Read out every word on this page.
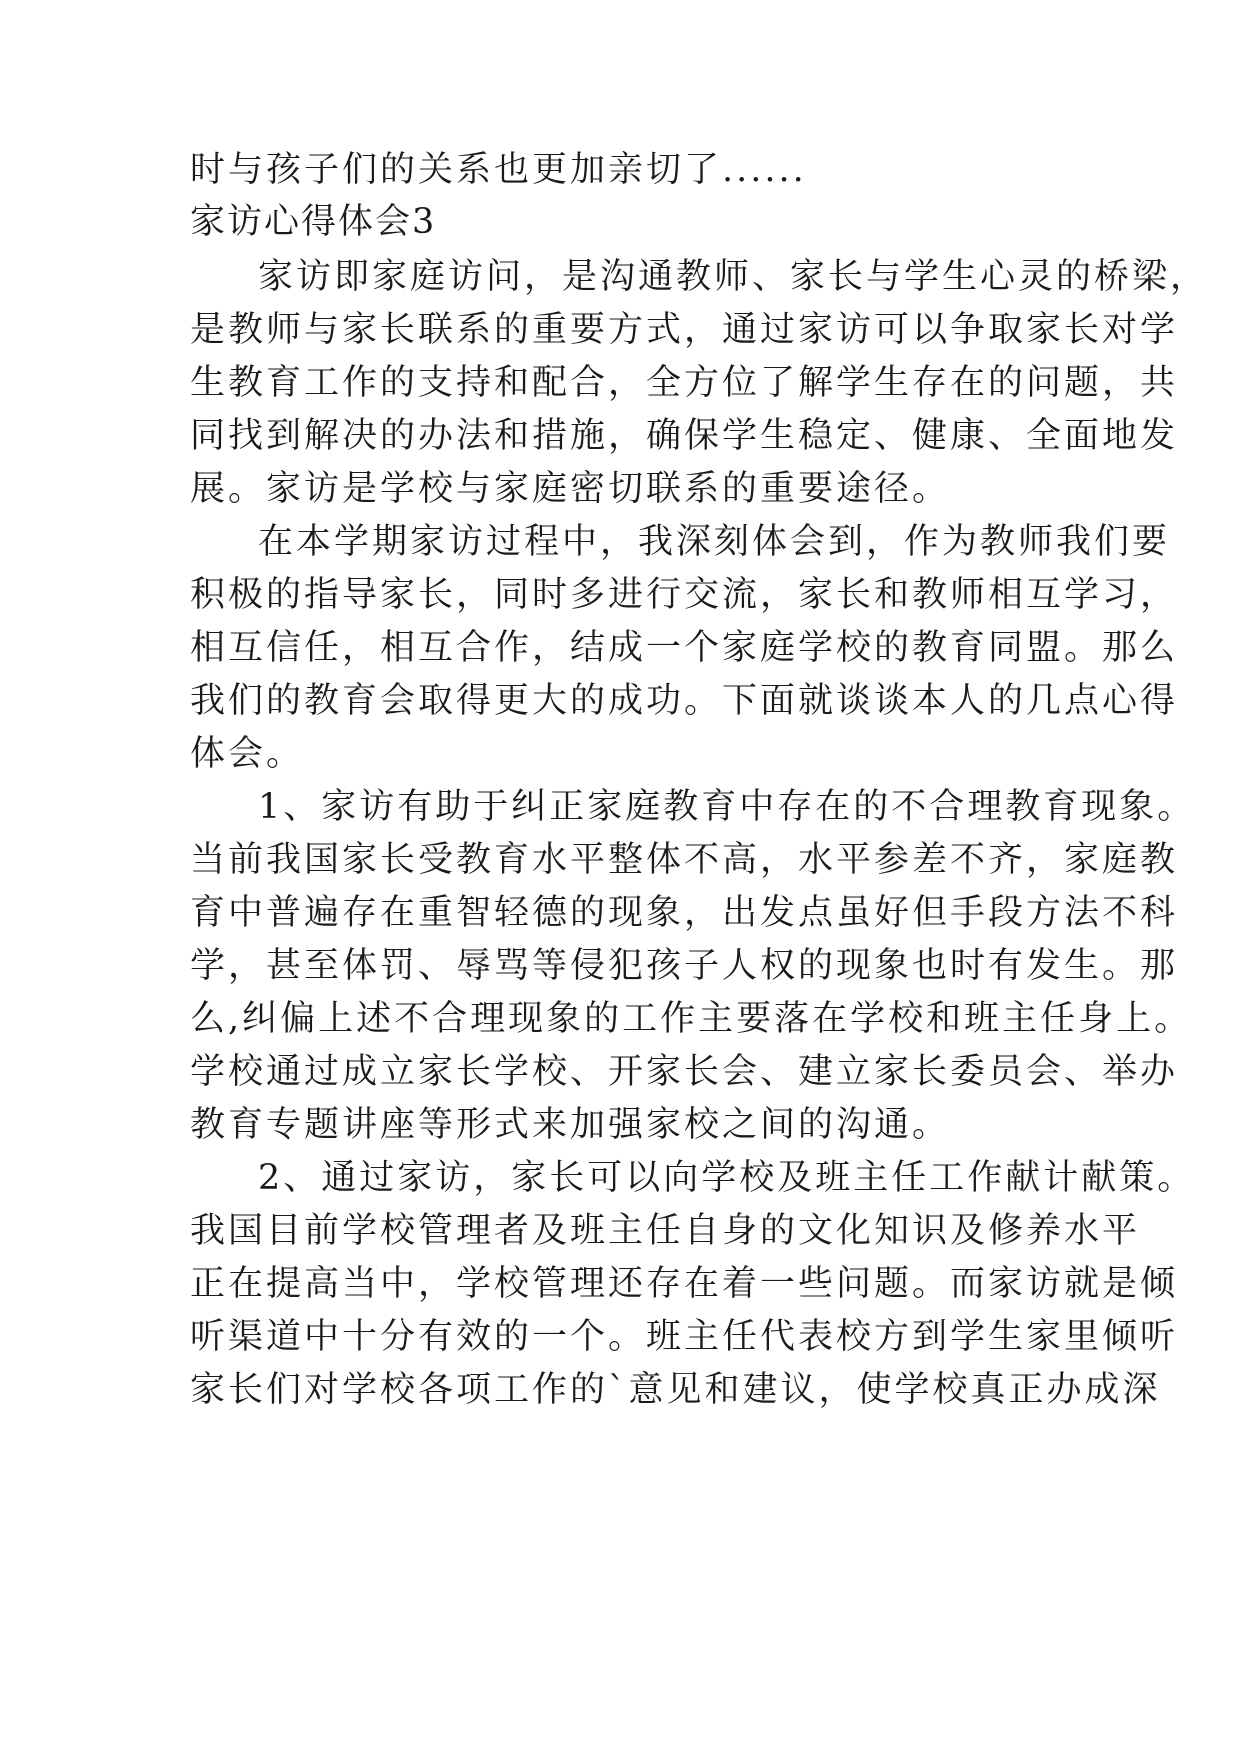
时与孩子们的关系也更加亲切了......
家访心得体会3
家访即家庭访问，是沟通教师、家长与学生心灵的桥梁，
是教师与家长联系的重要方式，通过家访可以争取家长对学
生教育工作的支持和配合，全方位了解学生存在的问题，共
同找到解决的办法和措施，确保学生稳定、健康、全面地发
展。家访是学校与家庭密切联系的重要途径。
在本学期家访过程中，我深刻体会到，作为教师我们要
积极的指导家长，同时多进行交流，家长和教师相互学习，
相互信任，相互合作，结成一个家庭学校的教育同盟。那么
我们的教育会取得更大的成功。下面就谈谈本人的几点心得
体会。
1、家访有助于纠正家庭教育中存在的不合理教育现象。
当前我国家长受教育水平整体不高，水平参差不齐，家庭教
育中普遍存在重智轻德的现象，出发点虽好但手段方法不科
学，甚至体罚、辱骂等侵犯孩子人权的现象也时有发生。那
么,纠偏上述不合理现象的工作主要落在学校和班主任身上。
学校通过成立家长学校、开家长会、建立家长委员会、举办
教育专题讲座等形式来加强家校之间的沟通。
2、通过家访，家长可以向学校及班主任工作献计献策。
我国目前学校管理者及班主任自身的文化知识及修养水平
正在提高当中，学校管理还存在着一些问题。而家访就是倾
听渠道中十分有效的一个。班主任代表校方到学生家里倾听
家长们对学校各项工作的`意见和建议，使学校真正办成深
